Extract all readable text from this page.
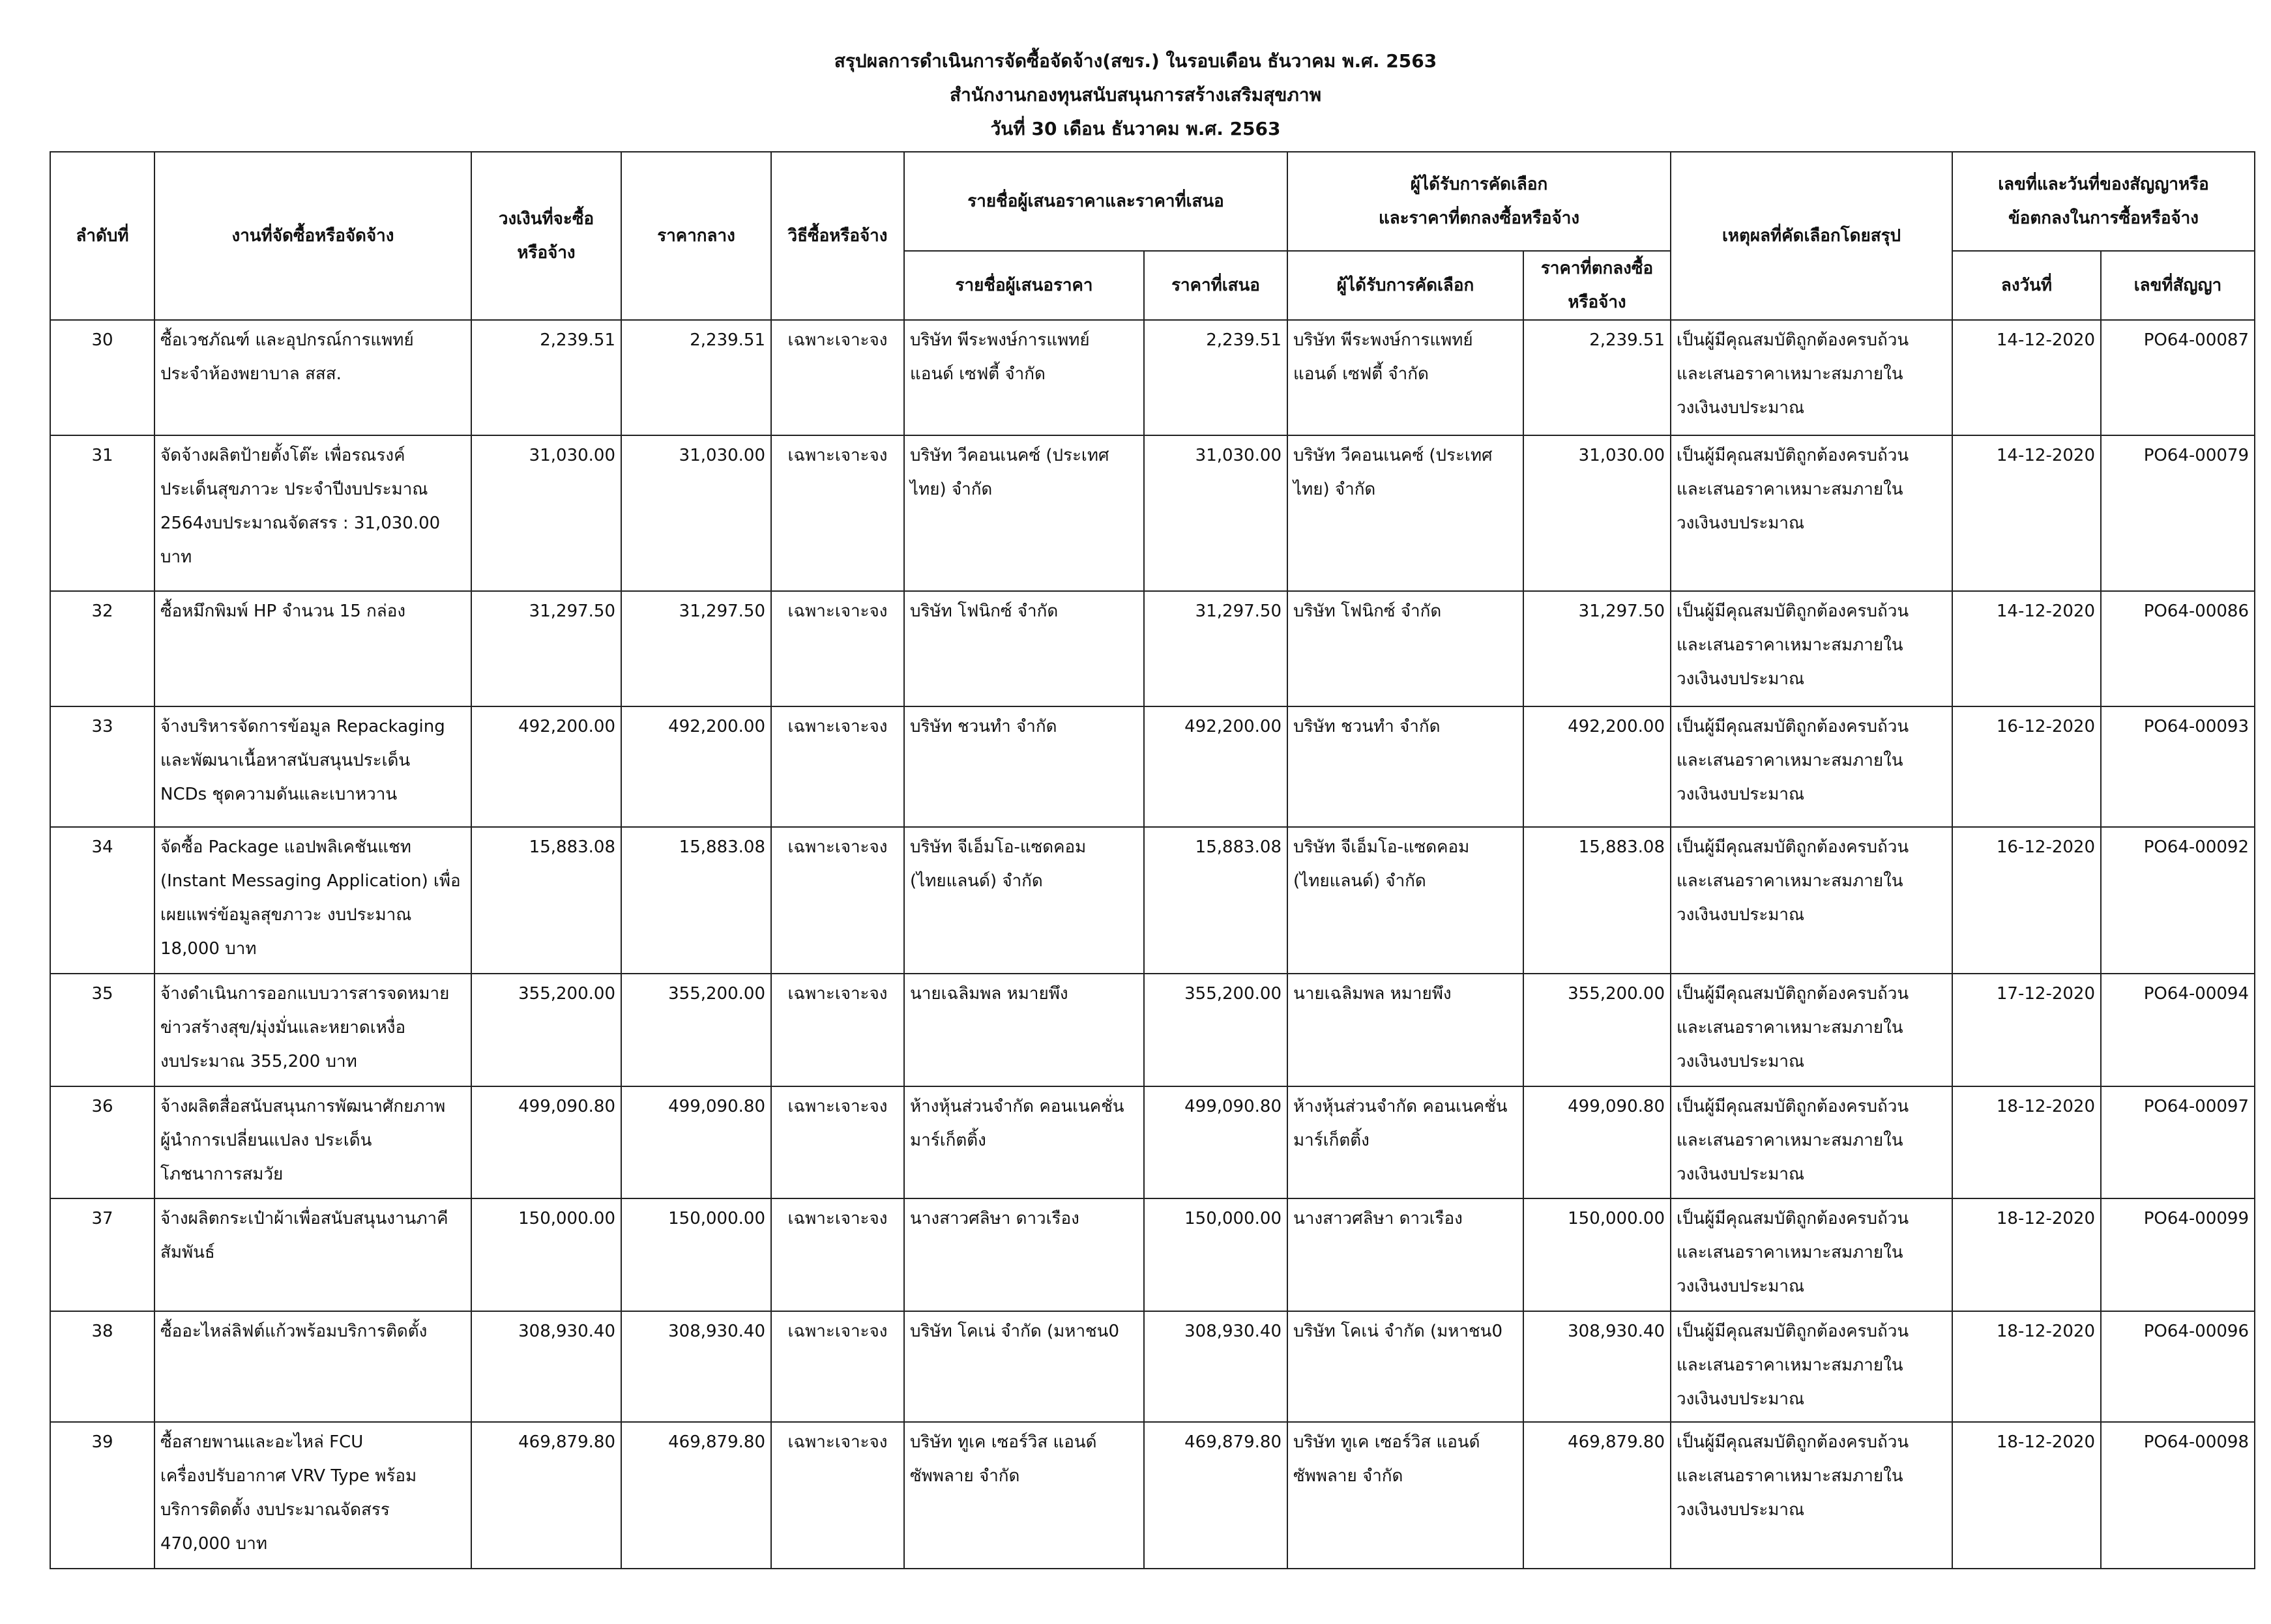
สรุปผลการดำเนินการจัดซื้อจัดจ้าง(สขร.) ในรอบเดือน ธันวาคม พ.ศ. 2563
สำนักงานกองทุนสนับสนุนการสร้างเสริมสุขภาพ
วันที่ 30 เดือน ธันวาคม พ.ศ. 2563
ลำดับที่	งานที่จัดซื้อหรือจัดจ้าง	วงเงินที่จะซื้อ
หรือจ้าง	ราคากลาง	วิธีซื้อหรือจ้าง	รายชื่อผู้เสนอราคาและราคาที่เสนอ		ผู้ได้รับการคัดเลือก
และราคาที่ตกลงซื้อหรือจ้าง		เหตุผลที่คัดเลือกโดยสรุป	เลขที่และวันที่ของสัญญาหรือ
ข้อตกลงในการซื้อหรือจ้าง	

					รายชื่อผู้เสนอราคา	ราคาที่เสนอ	ผู้ได้รับการคัดเลือก	ราคาที่ตกลงซื้อ
หรือจ้าง		ลงวันที่	เลขที่สัญญา
30	ซื้อเวชภัณฑ์ และอุปกรณ์การแพทย์
ประจำห้องพยาบาล สสส.	2,239.51	2,239.51	เฉพาะเจาะจง	บริษัท พีระพงษ์การแพทย์
แอนด์ เซฟตี้ จำกัด	2,239.51	บริษัท พีระพงษ์การแพทย์
แอนด์ เซฟตี้ จำกัด	2,239.51	เป็นผู้มีคุณสมบัติถูกต้องครบถ้วน
และเสนอราคาเหมาะสมภายใน
วงเงินงบประมาณ	14-12-2020	PO64-00087
31	จัดจ้างผลิตป้ายตั้งโต๊ะ เพื่อรณรงค์
ประเด็นสุขภาวะ ประจำปีงบประมาณ
2564งบประมาณจัดสรร : 31,030.00
บาท	31,030.00	31,030.00	เฉพาะเจาะจง	บริษัท วีคอนเนคซ์ (ประเทศ
ไทย) จำกัด	31,030.00	บริษัท วีคอนเนคซ์ (ประเทศ
ไทย) จำกัด	31,030.00	เป็นผู้มีคุณสมบัติถูกต้องครบถ้วน
และเสนอราคาเหมาะสมภายใน
วงเงินงบประมาณ	14-12-2020	PO64-00079
32	ซื้อหมึกพิมพ์ HP จำนวน 15 กล่อง	31,297.50	31,297.50	เฉพาะเจาะจง	บริษัท โฟนิกซ์ จำกัด	31,297.50	บริษัท โฟนิกซ์ จำกัด	31,297.50	เป็นผู้มีคุณสมบัติถูกต้องครบถ้วน
และเสนอราคาเหมาะสมภายใน
วงเงินงบประมาณ	14-12-2020	PO64-00086
33	จ้างบริหารจัดการข้อมูล Repackaging
และพัฒนาเนื้อหาสนับสนุนประเด็น
NCDs ชุดความดันและเบาหวาน	492,200.00	492,200.00	เฉพาะเจาะจง	บริษัท ชวนทำ จำกัด	492,200.00	บริษัท ชวนทำ จำกัด	492,200.00	เป็นผู้มีคุณสมบัติถูกต้องครบถ้วน
และเสนอราคาเหมาะสมภายใน
วงเงินงบประมาณ	16-12-2020	PO64-00093
34	จัดซื้อ Package แอปพลิเคชันแชท
(Instant Messaging Application) เพื่อ
เผยแพร่ข้อมูลสุขภาวะ งบประมาณ
18,000 บาท	15,883.08	15,883.08	เฉพาะเจาะจง	บริษัท จีเอ็มโอ-แซดคอม
(ไทยแลนด์) จำกัด	15,883.08	บริษัท จีเอ็มโอ-แซดคอม
(ไทยแลนด์) จำกัด	15,883.08	เป็นผู้มีคุณสมบัติถูกต้องครบถ้วน
และเสนอราคาเหมาะสมภายใน
วงเงินงบประมาณ	16-12-2020	PO64-00092
35	จ้างดำเนินการออกแบบวารสารจดหมาย
ข่าวสร้างสุข/มุ่งมั่นและหยาดเหงื่อ
งบประมาณ 355,200 บาท	355,200.00	355,200.00	เฉพาะเจาะจง	นายเฉลิมพล หมายพึง	355,200.00	นายเฉลิมพล หมายพึง	355,200.00	เป็นผู้มีคุณสมบัติถูกต้องครบถ้วน
และเสนอราคาเหมาะสมภายใน
วงเงินงบประมาณ	17-12-2020	PO64-00094
36	จ้างผลิตสื่อสนับสนุนการพัฒนาศักยภาพ
ผู้นำการเปลี่ยนแปลง ประเด็น
โภชนาการสมวัย	499,090.80	499,090.80	เฉพาะเจาะจง	ห้างหุ้นส่วนจำกัด คอนเนคชั่น
มาร์เก็ตติ้ง	499,090.80	ห้างหุ้นส่วนจำกัด คอนเนคชั่น
มาร์เก็ตติ้ง	499,090.80	เป็นผู้มีคุณสมบัติถูกต้องครบถ้วน
และเสนอราคาเหมาะสมภายใน
วงเงินงบประมาณ	18-12-2020	PO64-00097
37	จ้างผลิตกระเป๋าผ้าเพื่อสนับสนุนงานภาคี
สัมพันธ์	150,000.00	150,000.00	เฉพาะเจาะจง	นางสาวศลิษา ดาวเรือง	150,000.00	นางสาวศลิษา ดาวเรือง	150,000.00	เป็นผู้มีคุณสมบัติถูกต้องครบถ้วน
และเสนอราคาเหมาะสมภายใน
วงเงินงบประมาณ	18-12-2020	PO64-00099
38	ซื้ออะไหล่ลิฟต์แก้วพร้อมบริการติดตั้ง	308,930.40	308,930.40	เฉพาะเจาะจง	บริษัท โคเน่ จำกัด (มหาชน0	308,930.40	บริษัท โคเน่ จำกัด (มหาชน0	308,930.40	เป็นผู้มีคุณสมบัติถูกต้องครบถ้วน
และเสนอราคาเหมาะสมภายใน
วงเงินงบประมาณ	18-12-2020	PO64-00096
39	ซื้อสายพานและอะไหล่ FCU
เครื่องปรับอากาศ VRV Type พร้อม
บริการติดตั้ง งบประมาณจัดสรร
470,000 บาท	469,879.80	469,879.80	เฉพาะเจาะจง	บริษัท ทูเค เซอร์วิส แอนด์
ซัพพลาย จำกัด	469,879.80	บริษัท ทูเค เซอร์วิส แอนด์
ซัพพลาย จำกัด	469,879.80	เป็นผู้มีคุณสมบัติถูกต้องครบถ้วน
และเสนอราคาเหมาะสมภายใน
วงเงินงบประมาณ	18-12-2020	PO64-00098
